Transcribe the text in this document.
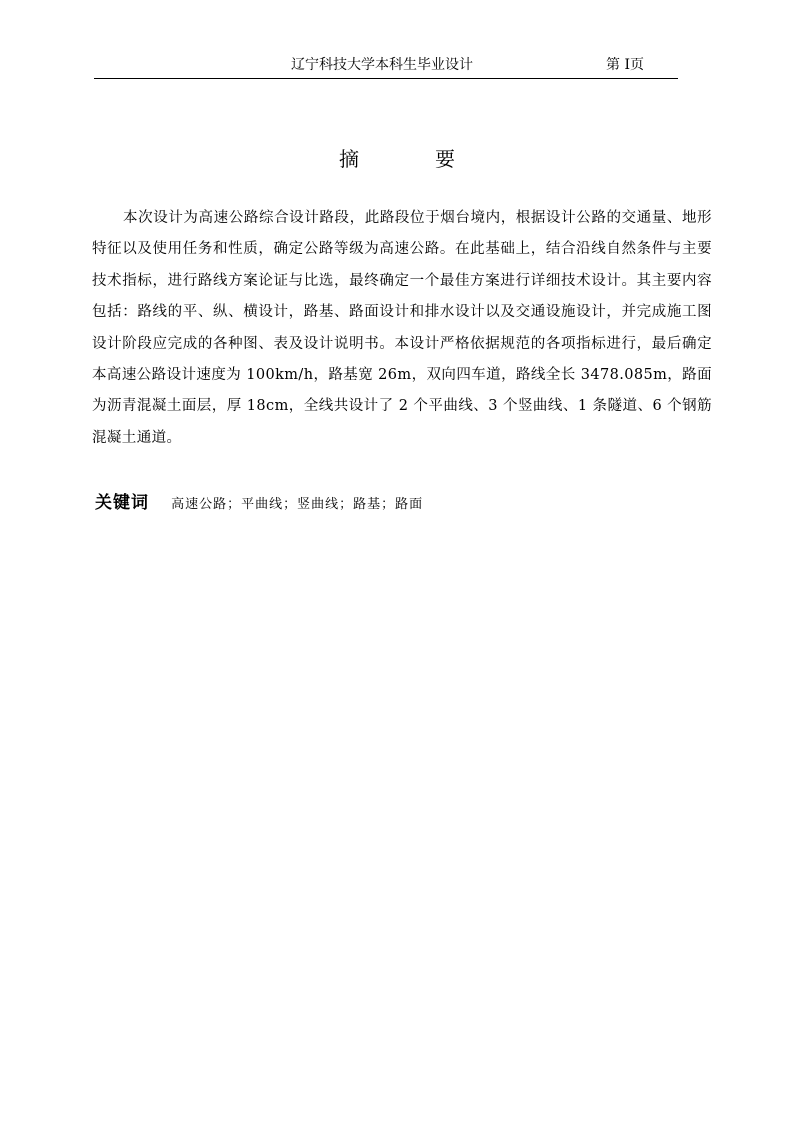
辽宁科技大学本科生毕业设计	第 I页
摘　要

本次设计为高速公路综合设计路段，此路段位于烟台境内，根据设计公路的交通量、地形特征以及使用任务和性质，确定公路等级为高速公路。在此基础上，结合沿线自然条件与主要技术指标，进行路线方案论证与比选，最终确定一个最佳方案进行详细技术设计。其主要内容包括：路线的平、纵、横设计，路基、路面设计和排水设计以及交通设施设计，并完成施工图设计阶段应完成的各种图、表及设计说明书。本设计严格依据规范的各项指标进行，最后确定本高速公路设计速度为 100km/h，路基宽 26m，双向四车道，路线全长 3478.085m，路面为沥青混凝土面层，厚 18cm，全线共设计了 2 个平曲线、3 个竖曲线、1 条隧道、6 个钢筋混凝土通道。

关键词 高速公路；平曲线；竖曲线；路基；路面
